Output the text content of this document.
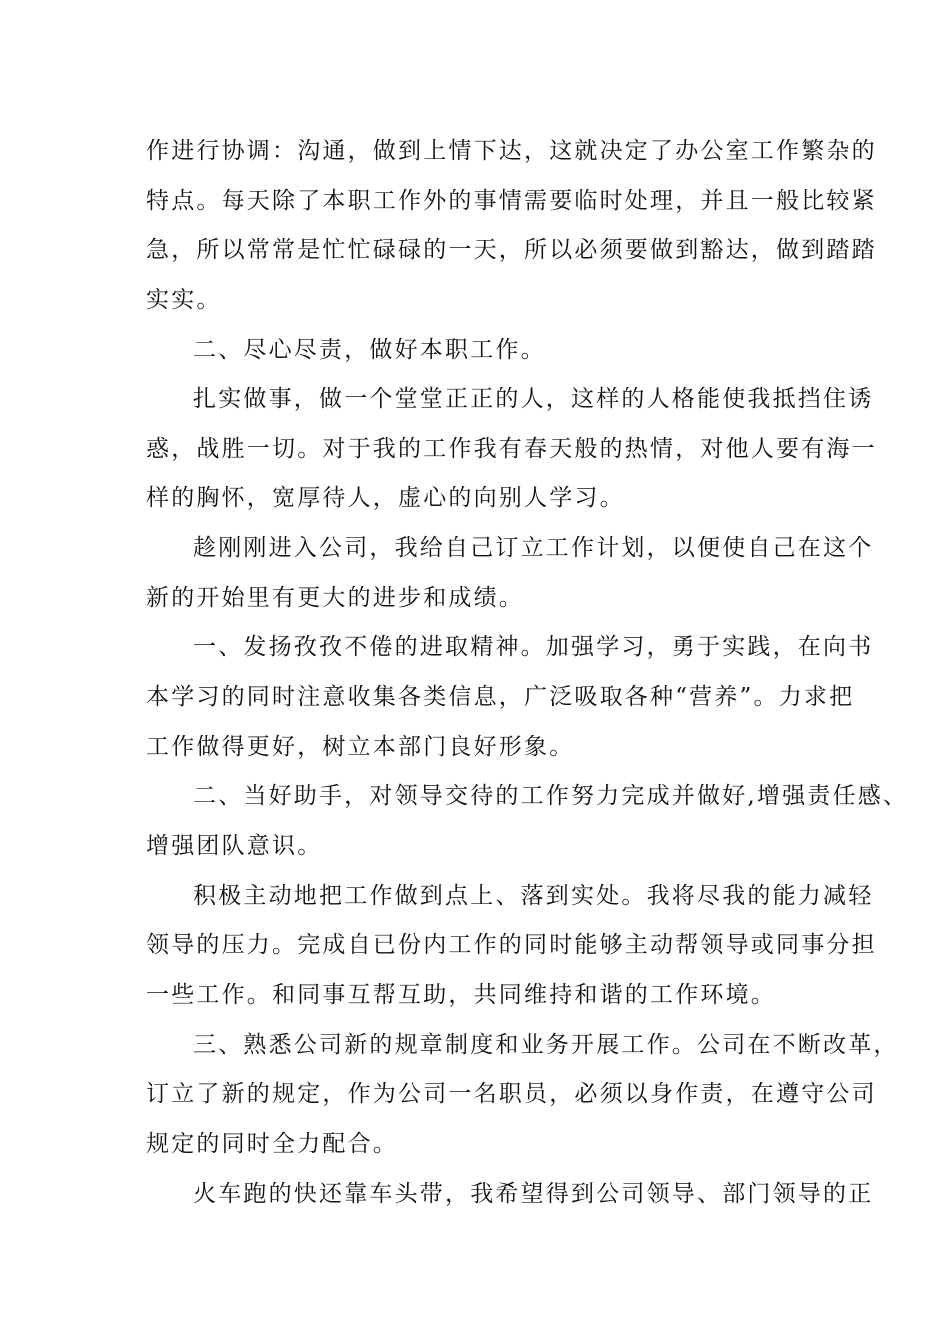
作进行协调：沟通，做到上情下达，这就决定了办公室工作繁杂的
特点。每天除了本职工作外的事情需要临时处理，并且一般比较紧
急，所以常常是忙忙碌碌的一天，所以必须要做到豁达，做到踏踏
实实。
二、尽心尽责，做好本职工作。
扎实做事，做一个堂堂正正的人，这样的人格能使我抵挡住诱
惑，战胜一切。对于我的工作我有春天般的热情，对他人要有海一
样的胸怀，宽厚待人，虚心的向别人学习。
趁刚刚进入公司，我给自己订立工作计划，以便使自己在这个
新的开始里有更大的进步和成绩。
一、发扬孜孜不倦的进取精神。加强学习，勇于实践，在向书
本学习的同时注意收集各类信息，广泛吸取各种“营养”。力求把
工作做得更好，树立本部门良好形象。
二、当好助手，对领导交待的工作努力完成并做好,增强责任感、
增强团队意识。
积极主动地把工作做到点上、落到实处。我将尽我的能力减轻
领导的压力。完成自已份内工作的同时能够主动帮领导或同事分担
一些工作。和同事互帮互助，共同维持和谐的工作环境。
三、熟悉公司新的规章制度和业务开展工作。公司在不断改革，
订立了新的规定，作为公司一名职员，必须以身作责，在遵守公司
规定的同时全力配合。
火车跑的快还靠车头带，我希望得到公司领导、部门领导的正
